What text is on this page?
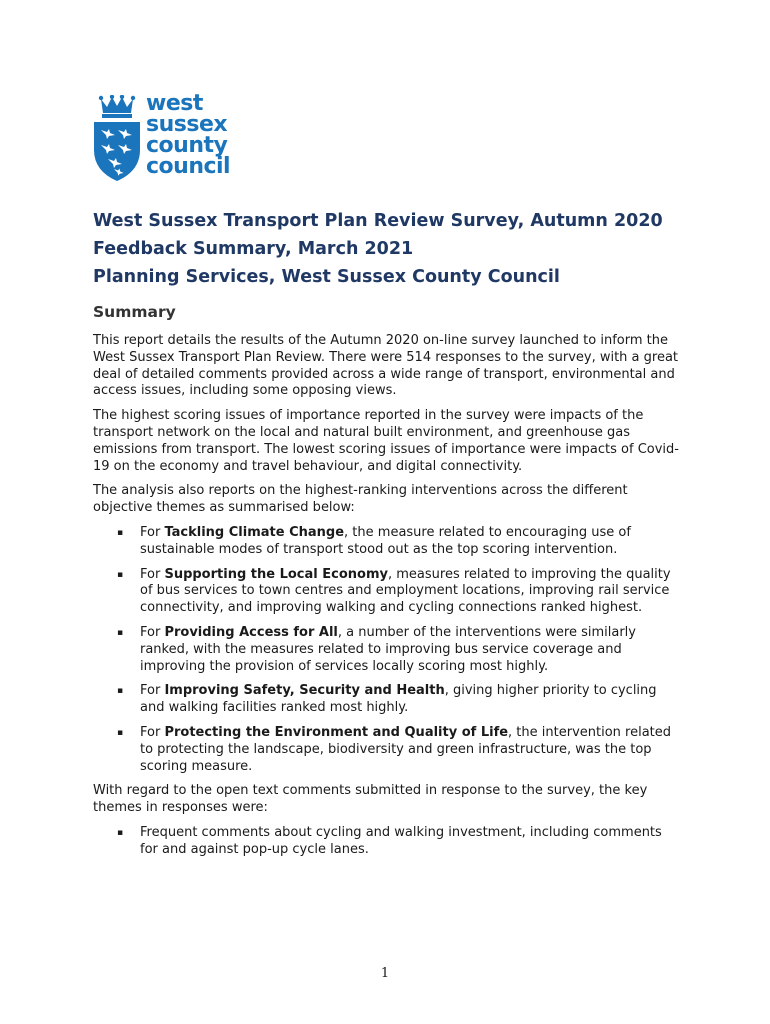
west
sussex
county
council
West Sussex Transport Plan Review Survey, Autumn 2020
Feedback Summary, March 2021
Planning Services, West Sussex County Council
Summary

This report details the results of the Autumn 2020 on-line survey launched to inform the West Sussex Transport Plan Review. There were 514 responses to the survey, with a great deal of detailed comments provided across a wide range of transport, environmental and access issues, including some opposing views.

The highest scoring issues of importance reported in the survey were impacts of the transport network on the local and natural built environment, and greenhouse gas emissions from transport. The lowest scoring issues of importance were impacts of Covid-19 on the economy and travel behaviour, and digital connectivity.

The analysis also reports on the highest-ranking interventions across the different objective themes as summarised below:

▪ For Tackling Climate Change, the measure related to encouraging use of sustainable modes of transport stood out as the top scoring intervention.
▪ For Supporting the Local Economy, measures related to improving the quality of bus services to town centres and employment locations, improving rail service connectivity, and improving walking and cycling connections ranked highest.
▪ For Providing Access for All, a number of the interventions were similarly ranked, with the measures related to improving bus service coverage and improving the provision of services locally scoring most highly.
▪ For Improving Safety, Security and Health, giving higher priority to cycling and walking facilities ranked most highly.
▪ For Protecting the Environment and Quality of Life, the intervention related to protecting the landscape, biodiversity and green infrastructure, was the top scoring measure.

With regard to the open text comments submitted in response to the survey, the key themes in responses were:

▪ Frequent comments about cycling and walking investment, including comments for and against pop-up cycle lanes.
1
